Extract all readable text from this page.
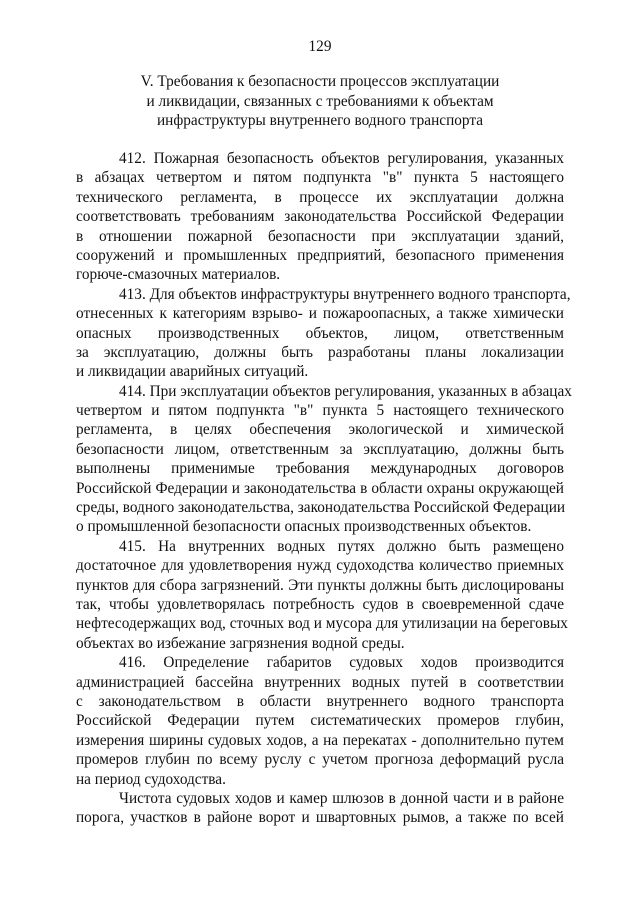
129
V. Требования к безопасности процессов эксплуатации
и ликвидации, связанных с требованиями к объектам
инфраструктуры внутреннего водного транспорта
412. Пожарная безопасность объектов регулирования, указанных
в абзацах четвертом и пятом подпункта "в" пункта 5 настоящего
технического регламента, в процессе их эксплуатации должна
соответствовать требованиям законодательства Российской Федерации
в отношении пожарной безопасности при эксплуатации зданий,
сооружений и промышленных предприятий, безопасного применения
горюче-смазочных материалов.
413. Для объектов инфраструктуры внутреннего водного транспорта,
отнесенных к категориям взрыво- и пожароопасных, а также химически
опасных производственных объектов, лицом, ответственным
за эксплуатацию, должны быть разработаны планы локализации
и ликвидации аварийных ситуаций.
414. При эксплуатации объектов регулирования, указанных в абзацах
четвертом и пятом подпункта "в" пункта 5 настоящего технического
регламента, в целях обеспечения экологической и химической
безопасности лицом, ответственным за эксплуатацию, должны быть
выполнены применимые требования международных договоров
Российской Федерации и законодательства в области охраны окружающей
среды, водного законодательства, законодательства Российской Федерации
о промышленной безопасности опасных производственных объектов.
415. На внутренних водных путях должно быть размещено
достаточное для удовлетворения нужд судоходства количество приемных
пунктов для сбора загрязнений. Эти пункты должны быть дислоцированы
так, чтобы удовлетворялась потребность судов в своевременной сдаче
нефтесодержащих вод, сточных вод и мусора для утилизации на береговых
объектах во избежание загрязнения водной среды.
416. Определение габаритов судовых ходов производится
администрацией бассейна внутренних водных путей в соответствии
с законодательством в области внутреннего водного транспорта
Российской Федерации путем систематических промеров глубин,
измерения ширины судовых ходов, а на перекатах - дополнительно путем
промеров глубин по всему руслу с учетом прогноза деформаций русла
на период судоходства.
Чистота судовых ходов и камер шлюзов в донной части и в районе
порога, участков в районе ворот и швартовных рымов, а также по всей
